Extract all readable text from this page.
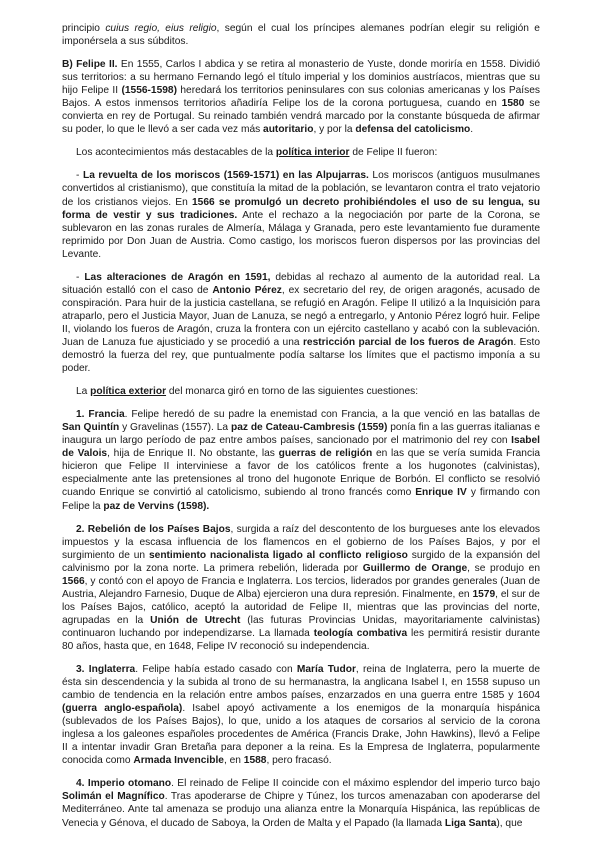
principio cuius regio, eius religio, según el cual los príncipes alemanes podrían elegir su religión e imponérsela a sus súbditos.

B) Felipe II. En 1555, Carlos I abdica y se retira al monasterio de Yuste, donde moriría en 1558. Dividió sus territorios: a su hermano Fernando legó el título imperial y los dominios austríacos, mientras que su hijo Felipe II (1556-1598) heredará los territorios peninsulares con sus colonias americanas y los Países Bajos. A estos inmensos territorios añadiría Felipe los de la corona portuguesa, cuando en 1580 se convierta en rey de Portugal. Su reinado también vendrá marcado por la constante búsqueda de afirmar su poder, lo que le llevó a ser cada vez más autoritario, y por la defensa del catolicismo.

Los acontecimientos más destacables de la política interior de Felipe II fueron:

- La revuelta de los moriscos (1569-1571) en las Alpujarras. Los moriscos (antiguos musulmanes convertidos al cristianismo), que constituía la mitad de la población, se levantaron contra el trato vejatorio de los cristianos viejos. En 1566 se promulgó un decreto prohibiéndoles el uso de su lengua, su forma de vestir y sus tradiciones. Ante el rechazo a la negociación por parte de la Corona, se sublevaron en las zonas rurales de Almería, Málaga y Granada, pero este levantamiento fue duramente reprimido por Don Juan de Austria. Como castigo, los moriscos fueron dispersos por las provincias del Levante.

- Las alteraciones de Aragón en 1591, debidas al rechazo al aumento de la autoridad real. La situación estalló con el caso de Antonio Pérez, ex secretario del rey, de origen aragonés, acusado de conspiración. Para huir de la justicia castellana, se refugió en Aragón. Felipe II utilizó a la Inquisición para atraparlo, pero el Justicia Mayor, Juan de Lanuza, se negó a entregarlo, y Antonio Pérez logró huir. Felipe II, violando los fueros de Aragón, cruza la frontera con un ejército castellano y acabó con la sublevación. Juan de Lanuza fue ajusticiado y se procedió a una restricción parcial de los fueros de Aragón. Esto demostró la fuerza del rey, que puntualmente podía saltarse los límites que el pactismo imponía a su poder.

La política exterior del monarca giró en torno de las siguientes cuestiones:

1. Francia. Felipe heredó de su padre la enemistad con Francia, a la que venció en las batallas de San Quintín y Gravelinas (1557). La paz de Cateau-Cambresis (1559) ponía fin a las guerras italianas e inaugura un largo período de paz entre ambos países, sancionado por el matrimonio del rey con Isabel de Valois, hija de Enrique II. No obstante, las guerras de religión en las que se vería sumida Francia hicieron que Felipe II interviniese a favor de los católicos frente a los hugonotes (calvinistas), especialmente ante las pretensiones al trono del hugonote Enrique de Borbón. El conflicto se resolvió cuando Enrique se convirtió al catolicismo, subiendo al trono francés como Enrique IV y firmando con Felipe la paz de Vervins (1598).

2. Rebelión de los Países Bajos, surgida a raíz del descontento de los burgueses ante los elevados impuestos y la escasa influencia de los flamencos en el gobierno de los Países Bajos, y por el surgimiento de un sentimiento nacionalista ligado al conflicto religioso surgido de la expansión del calvinismo por la zona norte. La primera rebelión, liderada por Guillermo de Orange, se produjo en 1566, y contó con el apoyo de Francia e Inglaterra. Los tercios, liderados por grandes generales (Juan de Austria, Alejandro Farnesio, Duque de Alba) ejercieron una dura represión. Finalmente, en 1579, el sur de los Países Bajos, católico, aceptó la autoridad de Felipe II, mientras que las provincias del norte, agrupadas en la Unión de Utrecht (las futuras Provincias Unidas, mayoritariamente calvinistas) continuaron luchando por independizarse. La llamada teología combativa les permitirá resistir durante 80 años, hasta que, en 1648, Felipe IV reconoció su independencia.

3. Inglaterra. Felipe había estado casado con María Tudor, reina de Inglaterra, pero la muerte de ésta sin descendencia y la subida al trono de su hermanastra, la anglicana Isabel I, en 1558 supuso un cambio de tendencia en la relación entre ambos países, enzarzados en una guerra entre 1585 y 1604 (guerra anglo-española). Isabel apoyó activamente a los enemigos de la monarquía hispánica (sublevados de los Países Bajos), lo que, unido a los ataques de corsarios al servicio de la corona inglesa a los galeones españoles procedentes de América (Francis Drake, John Hawkins), llevó a Felipe II a intentar invadir Gran Bretaña para deponer a la reina. Es la Empresa de Inglaterra, popularmente conocida como Armada Invencible, en 1588, pero fracasó.

4. Imperio otomano. El reinado de Felipe II coincide con el máximo esplendor del imperio turco bajo Solimán el Magnífico. Tras apoderarse de Chipre y Túnez, los turcos amenazaban con apoderarse del Mediterráneo. Ante tal amenaza se produjo una alianza entre la Monarquía Hispánica, las repúblicas de Venecia y Génova, el ducado de Saboya, la Orden de Malta y el Papado (la llamada Liga Santa), que
